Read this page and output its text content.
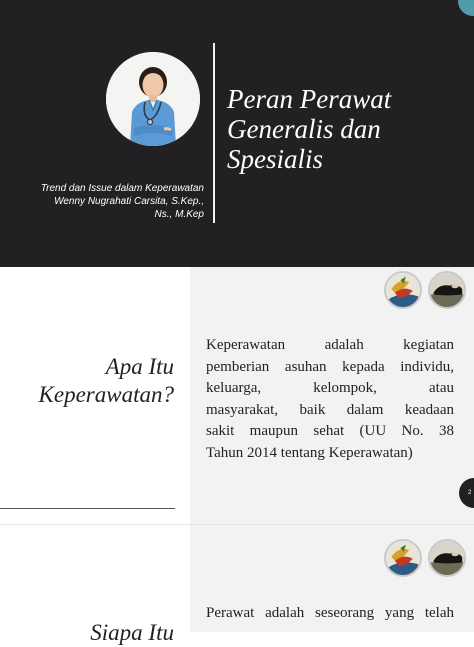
Peran Perawat
Generalis dan
Spesialis
Trend dan Issue dalam Keperawatan
Wenny Nugrahati Carsita, S.Kep.,
Ns., M.Kep
Apa Itu
Keperawatan?
Keperawatan adalah kegiatan
pemberian asuhan kepada individu,
keluarga, kelompok, atau
masyarakat, baik dalam keadaan
sakit maupun sehat (UU No. 38
Tahun 2014 tentang Keperawatan)
2
Siapa Itu
Perawat adalah seseorang yang telah
